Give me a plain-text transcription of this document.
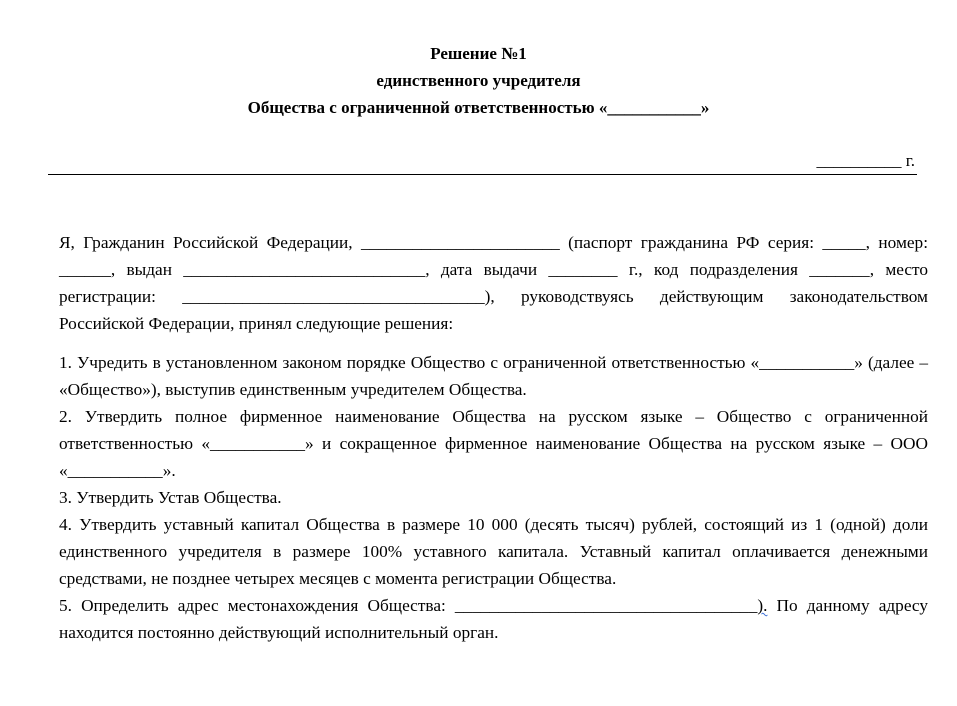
Решение №1
единственного учредителя
Общества с ограниченной ответственностью «___________»
__________ г.

Я, Гражданин Российской Федерации, _______________________ (паспорт гражданина РФ серия: _____, номер: ______, выдан ____________________________, дата выдачи ________ г., код подразделения _______, место регистрации: ___________________________________), руководствуясь действующим законодательством Российской Федерации, принял следующие решения:

1. Учредить в установленном законом порядке Общество с ограниченной ответственностью «___________» (далее – «Общество»), выступив единственным учредителем Общества.

2. Утвердить полное фирменное наименование Общества на русском языке – Общество с ограниченной ответственностью «___________» и сокращенное фирменное наименование Общества на русском языке – ООО «___________».

3. Утвердить Устав Общества.

4. Утвердить уставный капитал Общества в размере 10 000 (десять тысяч) рублей, состоящий из 1 (одной) доли единственного учредителя в размере 100% уставного капитала. Уставный капитал оплачивается денежными средствами, не позднее четырех месяцев с момента регистрации Общества.

5. Определить адрес местонахождения Общества: ___________________________________). По данному адресу находится постоянно действующий исполнительный орган.
